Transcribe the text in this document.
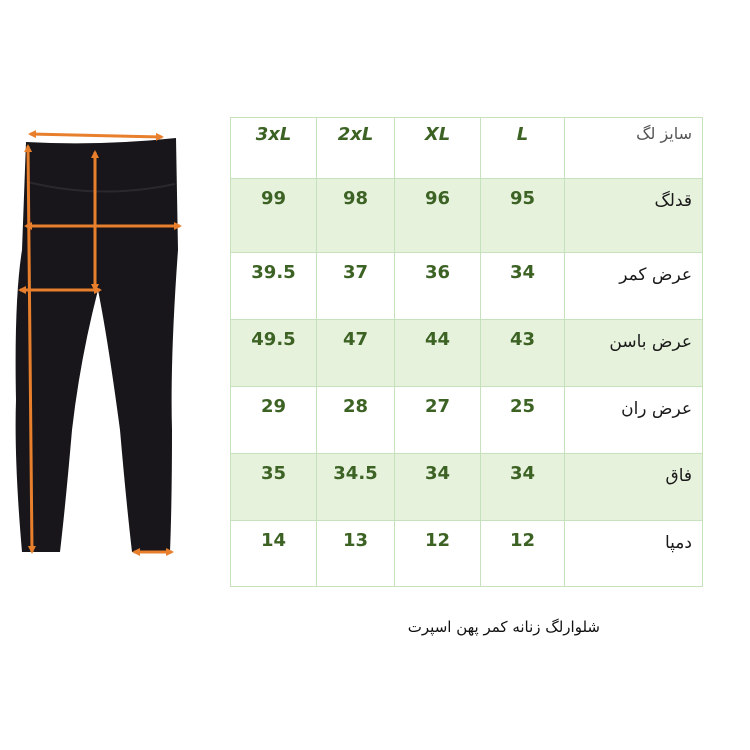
3xL	2xL	XL	L	سایز لگ
99	98	96	95	قدلگ
39.5	37	36	34	عرض کمر
49.5	47	44	43	عرض باسن
29	28	27	25	عرض ران
35	34.5	34	34	فاق
14	13	12	12	دمپا
شلوارلگ زنانه کمر پهن اسپرت
